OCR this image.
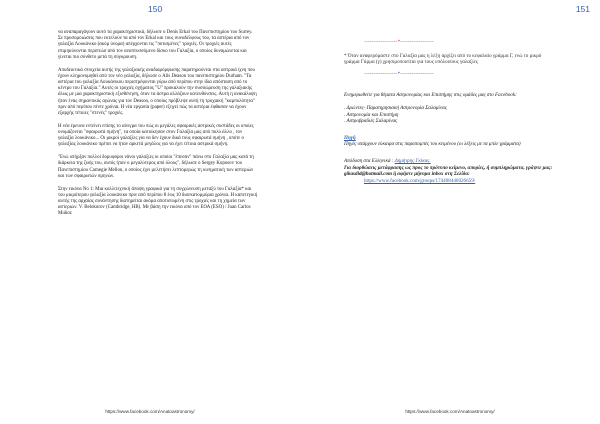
150

να αναπαραγάγουν αυτό τα χαρακτηριστικά, δήλωσε ο Denis Erkal του Πανεπιστημίου του Surrey. Σε προσομοιώσεις που εκτελούν τα από τον Erkal και τους συναδέλφους του, τα αστέρια από τον γαλαξία Λουκάνικο (ακόμ ύνομα) απέρχονται τις "ποτισμένες" τροχιές. Οι τροχιές αυτές επιμηκύνονται περιπτώσ από τον αναπτυσσόμενο δίσκο του Γαλαξία, ο οποίος δυναμώνεται και γίνεται πιο σύνθετο μετά τη σύγκρουση.

Αποδεικτικά στοιχεία αυτής της γαλαξιακής αναδιαμόρφωσης παρατηρούνται στα αστρικά ίχνη που έχουν κληρονομηθεί από τον νέο γαλαξία, δήλωσε ο Alis Deason του πανεπιστημίου Durham. "Τα αστέρια του γαλαξία Λουκάνικου περιστρέφονται γύρω από περίπου στην ίδια απόσταση από το κέντρο του Γαλαξία." Αυτές οι τροχιές σχήματος "U" προκαλούν την συσσώρευση της γαλαξιακής άλως με μια χαρακτηριστική εξισθένηση, όταν τα άστρα αλλάζουν κατευθύνσεις. Αυτή η ανακάλυψη ήταν ένας σημαντικός αγώνας για τον Deason, ο οποίος πρόβλεψε αυτή τη τροχιακή "καμπυλότητα" πριν από περίπου πέντε χρόνια. Η νέα εργασία (paper) εξηγεί πώς τα αστέρια έφθασαν να έχουν εξαρχής τέτοιες "στενές" τροχιές.

Η νέα έρευνα εντείνει επίσης το αίνιγμα του πώς οι μεγάλες σφαιρικές αστρικές συστάδες οι οποίες ονομάζονται "σφαιρωτά σμήνη", τα οποία κατοίκησαν στον Γαλαξία μας από πολύ άλλο , τον γαλαξία λουκάνικο... Οι μικροί γαλαξίες για να δεν έχουν δικά τους σφαιρωτά σμήνη , οπότε ο γαλαξίας λουκάνικο πρέπει να ήταν αρκετά μεγάλος για να έχει τέτοια αστρικά σμήνη.

"Ενώ υπήρξαν πολλοί δορυφόροι νάνοι γαλαξίες οι οποίοι "έπεσαν" πάνω στο Γαλαξία μας κατά τη διάρκεια της ζωής του, αυτός ήταν ο μεγαλύτερος από όλους", δήλωσε ο Sergey Koposov του Πανεπιστημίου Carnegie Mellon, ο οποίος έχει μελετήσει λεπτομερώς τη κινηματική των αστεριών και των σφαιρωτών σμηνών.

Στην εικόνα Νο 1: Μια καλλιτεχνική άποψη γραφικά για τη συγχώνευση μεταξύ του Γαλαξία* και του μικρότερου γαλαξία λουκάνικο πριν από περίπου 8 έως 10 δισεκατομμύρια χρόνια. Η καπετεγική αυτής της αρχαίας συνάντησης διατηρείται ακόμα αποτυπωμένη στις τροχιές και τη χημεία των αστεριών. V. Belokurov (Cambridge, HB). Με βάση την εικόνα από τον ΕΟΑ (ESO) / Juan Carlos Muñoz

https://www.facebook.com/Anatoastronomy/
151
------------------*------------------
* Όταν αναφερόμαστε στο Γαλαξία μας η λέξη αρχίζει από το κεφαλαίο γράμμα Γ, ενώ το μικρό γράμμα Γάμμα (γ) χρησιμοποιείται για τους υπόλοιπους γαλαξίες
------------------*------------------
Ενημερωθείτε για θέματα Αστρονομίας και Επιστήμης στις ομάδες μας στο Facebook:
. Δρώντες- Παρατηρησιακή Αστρονομία Σαλαμίνας
. Αστρονομία και Επιστήμη
. Αστροβραδιές Σαλαμίνας
Πηγή
Πηγές υπάρχουν εύκαιρα στις παραπομπές του κειμένου (οι λέξεις με τα μπλε γράμματα)
Απόδοση στα Ελληνικά : Δημήτρης Γκίκας.
Για διορθώσεις μετάφρασης ως προς το πρότυπο κείμενο, απορίες, ή συμπληρώματα, γράψτε μας: gikasdid@hotmail.com ή αφήστε μήνυμα inbox στη Σελίδα:
https://www.facebook.com/groups/174408446026659/
https://www.facebook.com/Anatoastronomy/
